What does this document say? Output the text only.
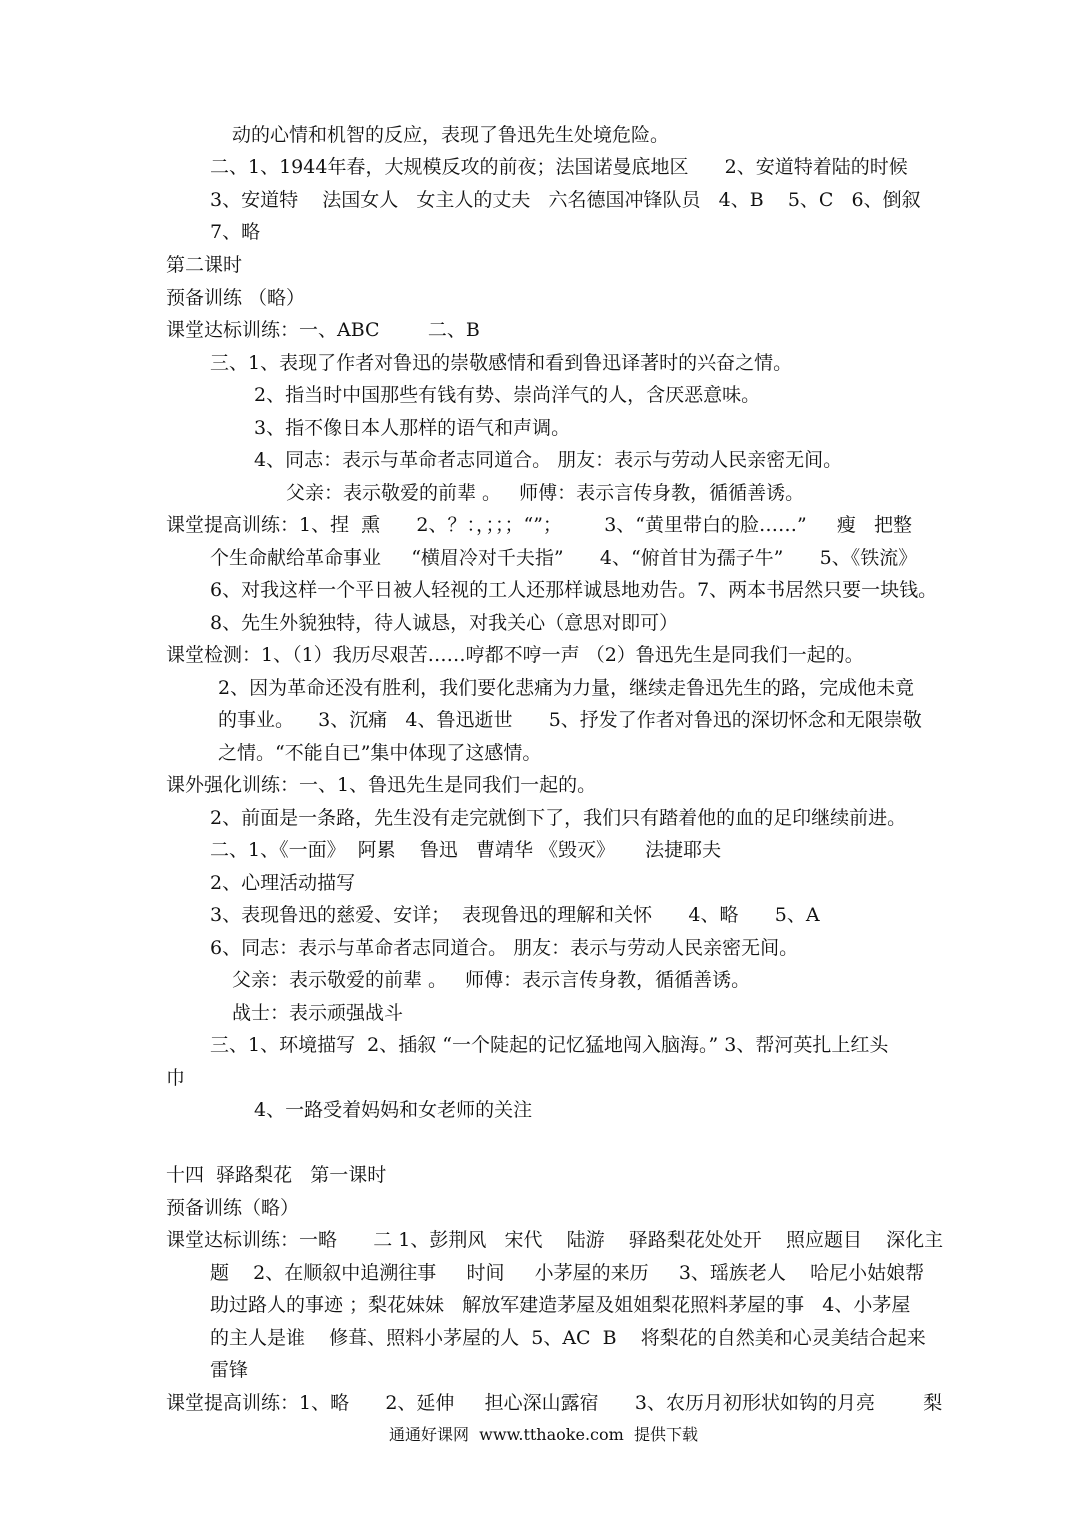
动的心情和机智的反应，表现了鲁迅先生处境危险。
二、1、1944年春，大规模反攻的前夜；法国诺曼底地区      2、安道特着陆的时候
3、安道特    法国女人   女主人的丈夫   六名德国冲锋队员   4、B    5、C   6、倒叙
7、略
第二课时
预备训练 （略）
课堂达标训练：一、ABC        二、B
三、1、表现了作者对鲁迅的崇敬感情和看到鲁迅译著时的兴奋之情。
2、指当时中国那些有钱有势、崇尚洋气的人，含厌恶意味。
3、指不像日本人那样的语气和声调。
4、同志：表示与革命者志同道合。 朋友：表示与劳动人民亲密无间。
父亲：表示敬爱的前辈 。   师傅：表示言传身教，循循善诱。
课堂提高训练：1、捏  熏      2、？：，；；；“”；       3、“黄里带白的脸……”     瘦   把整
个生命献给革命事业     “横眉冷对千夫指”      4、“俯首甘为孺子牛”      5、《铁流》
6、对我这样一个平日被人轻视的工人还那样诚恳地劝告。7、两本书居然只要一块钱。
8、先生外貌独特，待人诚恳，对我关心（意思对即可）
课堂检测：1、（1）我历尽艰苦……哼都不哼一声 （2）鲁迅先生是同我们一起的。
2、因为革命还没有胜利，我们要化悲痛为力量，继续走鲁迅先生的路，完成他未竟
的事业。    3、沉痛   4、鲁迅逝世      5、抒发了作者对鲁迅的深切怀念和无限崇敬
之情。“不能自已”集中体现了这感情。
课外强化训练：一、1、鲁迅先生是同我们一起的。
2、前面是一条路，先生没有走完就倒下了，我们只有踏着他的血的足印继续前进。
二、1、《一面》  阿累    鲁迅   曹靖华 《毁灭》     法捷耶夫
2、心理活动描写
3、表现鲁迅的慈爱、安详；  表现鲁迅的理解和关怀      4、略      5、A
6、同志：表示与革命者志同道合。 朋友：表示与劳动人民亲密无间。
父亲：表示敬爱的前辈 。   师傅：表示言传身教，循循善诱。
战士：表示顽强战斗
三、1、环境描写  2、插叙 “一个陡起的记忆猛地闯入脑海。” 3、帮河英扎上红头
巾
4、一路受着妈妈和女老师的关注
十四  驿路梨花   第一课时
预备训练（略）
课堂达标训练：一略      二 1、彭荆风   宋代    陆游    驿路梨花处处开    照应题目    深化主
题    2、在顺叙中追溯往事     时间     小茅屋的来历     3、瑶族老人    哈尼小姑娘帮
助过路人的事迹 ；梨花妹妹   解放军建造茅屋及姐姐梨花照料茅屋的事   4、小茅屋
的主人是谁    修葺、照料小茅屋的人  5、AC  B    将梨花的自然美和心灵美结合起来
雷锋
课堂提高训练：1、略      2、延伸     担心深山露宿      3、农历月初形状如钩的月亮        梨
通通好课网  www.tthaoke.com  提供下载
